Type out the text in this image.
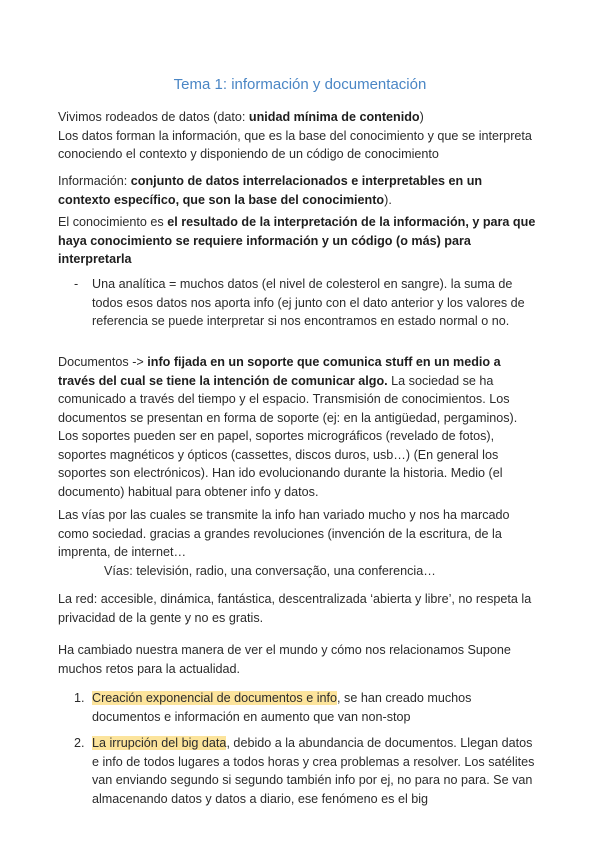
Tema 1: información y documentación

Vivimos rodeados de datos (dato: unidad mínima de contenido)

Los datos forman la información, que es la base del conocimiento y que se interpreta conociendo el contexto y disponiendo de un código de conocimiento

Información: conjunto de datos interrelacionados e interpretables en un contexto específico, que son la base del conocimiento).

El conocimiento es el resultado de la interpretación de la información, y para que haya conocimiento se requiere información y un código (o más) para interpretarla

- Una analítica = muchos datos (el nivel de colesterol en sangre). la suma de todos esos datos nos aporta info (ej junto con el dato anterior y los valores de referencia se puede interpretar si nos encontramos en estado normal o no.

Documentos -> info fijada en un soporte que comunica stuff en un medio a través del cual se tiene la intención de comunicar algo. La sociedad se ha comunicado a través del tiempo y el espacio. Transmisión de conocimientos. Los documentos se presentan en forma de soporte (ej: en la antigüedad, pergaminos). Los soportes pueden ser en papel, soportes micrográficos (revelado de fotos), soportes magnéticos y ópticos (cassettes, discos duros, usb…) (En general los soportes son electrónicos). Han ido evolucionando durante la historia. Medio (el documento) habitual para obtener info y datos.

Las vías por las cuales se transmite la info han variado mucho y nos ha marcado como sociedad. gracias a grandes revoluciones (invención de la escritura, de la imprenta, de internet…

Vías: televisión, radio, una conversação, una conferencia…

La red: accesible, dinámica, fantástica, descentralizada ‘abierta y libre’, no respeta la privacidad de la gente y no es gratis.

Ha cambiado nuestra manera de ver el mundo y cómo nos relacionamos Supone muchos retos para la actualidad.

1. Creación exponencial de documentos e info, se han creado muchos documentos e información en aumento que van non-stop
2. La irrupción del big data, debido a la abundancia de documentos. Llegan datos e info de todos lugares a todos horas y crea problemas a resolver. Los satélites van enviando segundo si segundo también info por ej, no para no para. Se van almacenando datos y datos a diario, ese fenómeno es el big
